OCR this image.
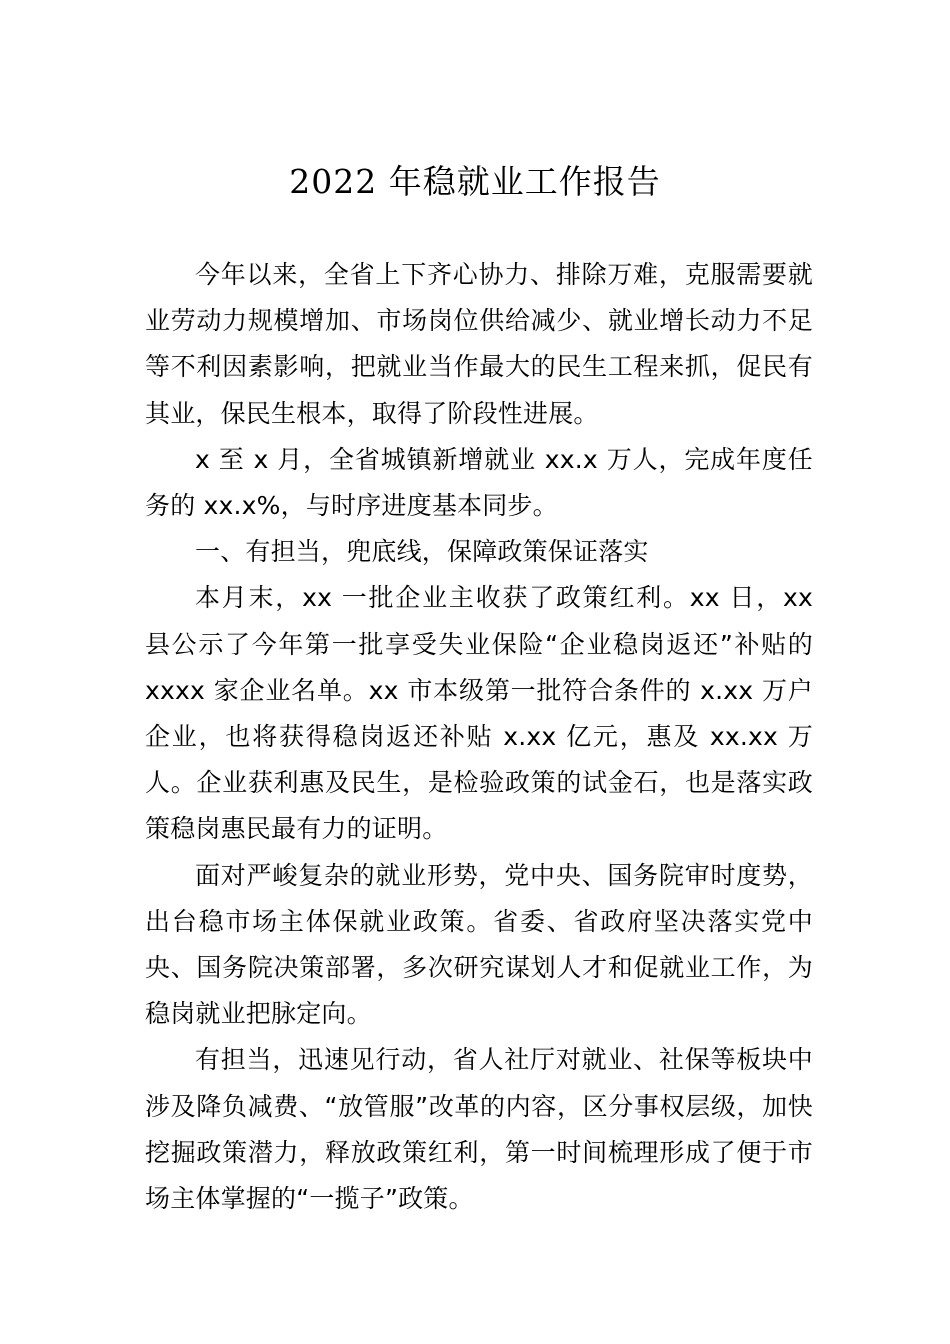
2022 年稳就业工作报告

今年以来，全省上下齐心协力、排除万难，克服需要就业劳动力规模增加、市场岗位供给减少、就业增长动力不足等不利因素影响，把就业当作最大的民生工程来抓，促民有其业，保民生根本，取得了阶段性进展。

x 至 x 月，全省城镇新增就业 xx.x 万人，完成年度任务的 xx.x%，与时序进度基本同步。

一、有担当，兜底线，保障政策保证落实

本月末，xx 一批企业主收获了政策红利。xx 日，xx 县公示了今年第一批享受失业保险“企业稳岗返还”补贴的 xxxx 家企业名单。xx 市本级第一批符合条件的 x.xx 万户企业，也将获得稳岗返还补贴 x.xx 亿元，惠及 xx.xx 万人。企业获利惠及民生，是检验政策的试金石，也是落实政策稳岗惠民最有力的证明。

面对严峻复杂的就业形势，党中央、国务院审时度势，出台稳市场主体保就业政策。省委、省政府坚决落实党中央、国务院决策部署，多次研究谋划人才和促就业工作，为稳岗就业把脉定向。

有担当，迅速见行动，省人社厅对就业、社保等板块中 涉及降负减费、“放管服”改革的内容，区分事权层级，加快 挖掘政策潜力，释放政策红利，第一时间梳理形成了便于市 场主体掌握的“一揽子”政策。
